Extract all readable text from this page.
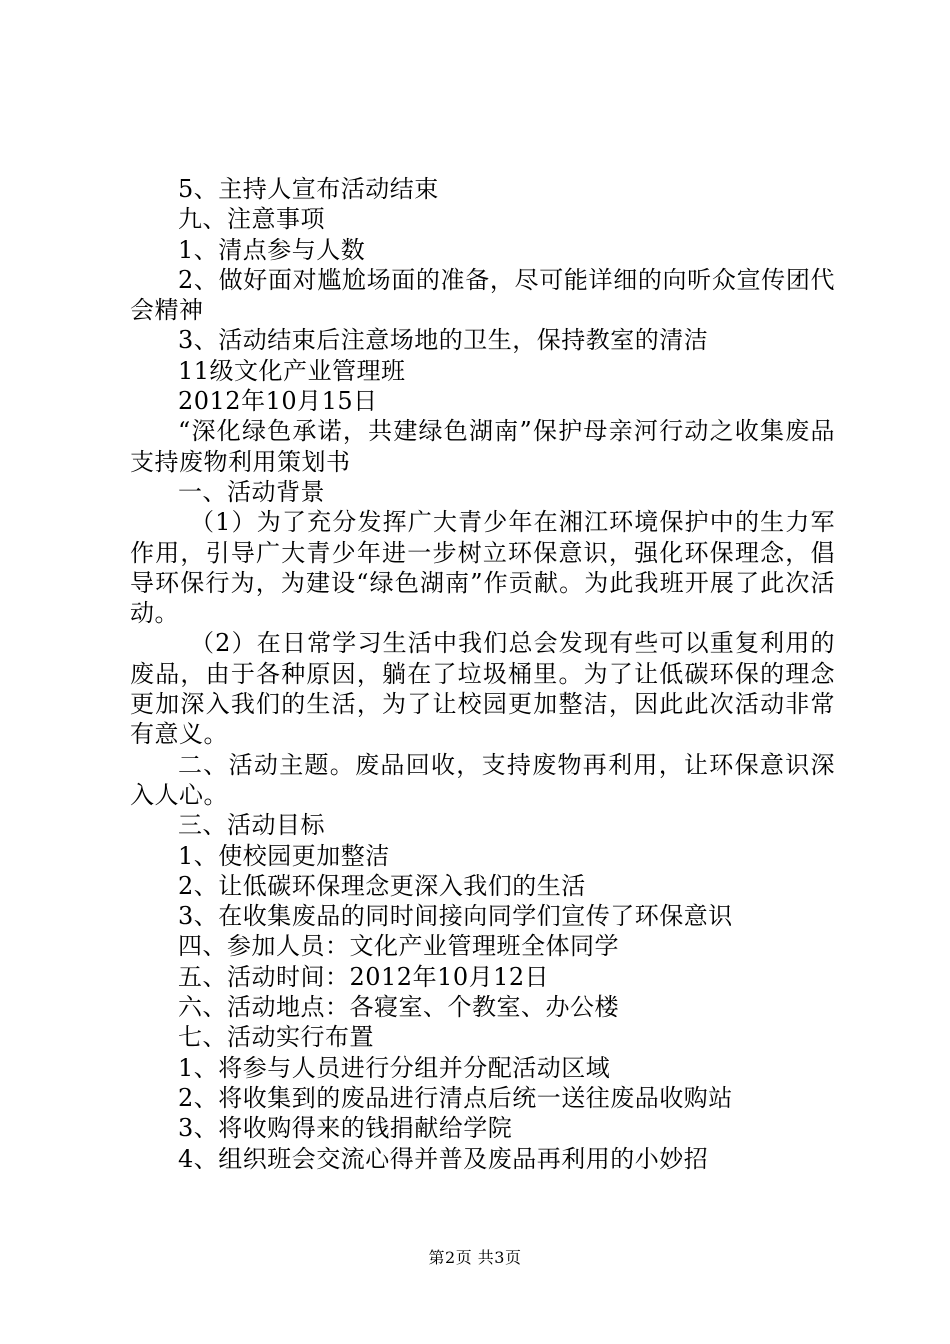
5、主持人宣布活动结束

九、注意事项

1、清点参与人数

2、做好面对尴尬场面的准备，尽可能详细的向听众宣传团代会精神

3、活动结束后注意场地的卫生，保持教室的清洁

11级文化产业管理班

2012年10月15日

“深化绿色承诺，共建绿色湖南”保护母亲河行动之收集废品支持废物利用策划书

一、活动背景

（1）为了充分发挥广大青少年在湘江环境保护中的生力军作用，引导广大青少年进一步树立环保意识，强化环保理念，倡导环保行为，为建设“绿色湖南”作贡献。为此我班开展了此次活动。

（2）在日常学习生活中我们总会发现有些可以重复利用的废品，由于各种原因，躺在了垃圾桶里。为了让低碳环保的理念更加深入我们的生活，为了让校园更加整洁，因此此次活动非常有意义。

二、活动主题。废品回收，支持废物再利用，让环保意识深入人心。

三、活动目标

1、使校园更加整洁

2、让低碳环保理念更深入我们的生活

3、在收集废品的同时间接向同学们宣传了环保意识

四、参加人员：文化产业管理班全体同学

五、活动时间：2012年10月12日

六、活动地点：各寝室、个教室、办公楼

七、活动实行布置

1、将参与人员进行分组并分配活动区域

2、将收集到的废品进行清点后统一送往废品收购站

3、将收购得来的钱捐献给学院

4、组织班会交流心得并普及废品再利用的小妙招

第2页 共3页
